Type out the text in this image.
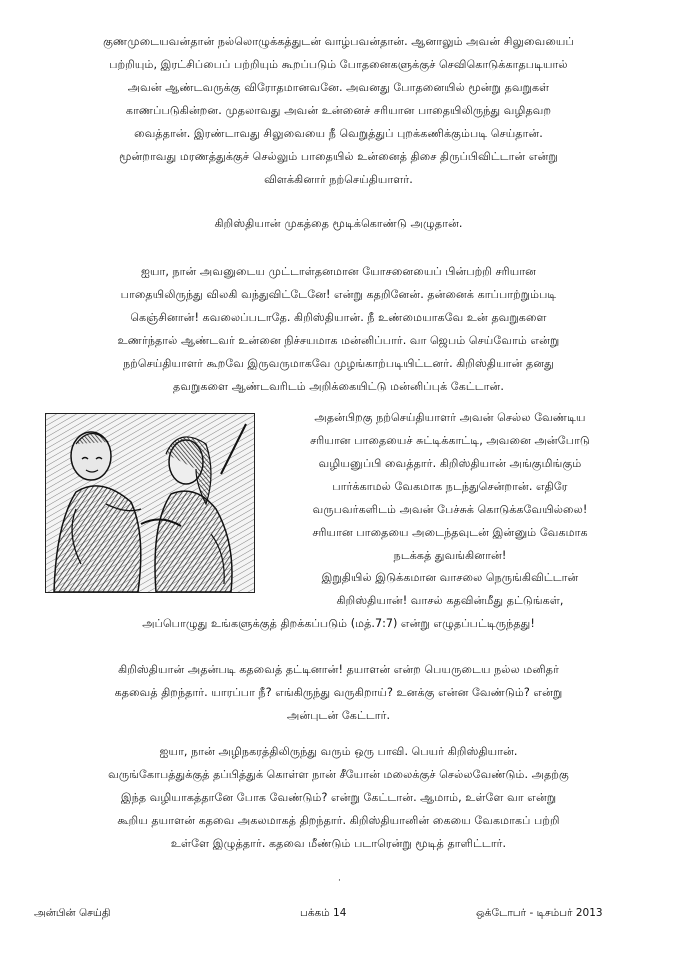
குணமுடையவன்தான் நல்லொழுக்கத்துடன் வாழ்பவன்தான். ஆனாலும் அவன் சிலுவையைப்
பற்றியும், இரட்சிப்பைப் பற்றியும் கூறப்படும் போதனைகளுக்குச் செவிகொடுக்காதபடியால்
அவன் ஆண்டவருக்கு விரோதமானவனே. அவனது போதனையில் மூன்று தவறுகள்
காணப்படுகின்றன. முதலாவது அவன் உன்னைச் சரியான பாதையிலிருந்து வழிதவற
வைத்தான். இரண்டாவது சிலுவையை நீ வெறுத்துப் புறக்கணிக்கும்படி செய்தான்.
மூன்றாவது மரணத்துக்குச் செல்லும் பாதையில் உன்னைத் திசை திருப்பிவிட்டான் என்று
விளக்கினார் நற்செய்தியாளர்.
கிறிஸ்தியான் முகத்தை மூடிக்கொண்டு அழுதான்.
ஐயா, நான் அவனுடைய முட்டாள்தனமான யோசனையைப் பின்பற்றி சரியான
பாதையிலிருந்து விலகி வந்துவிட்டேனே! என்று கதறினேன். தன்னைக் காப்பாற்றும்படி
கெஞ்சினான்! கவலைப்படாதே. கிறிஸ்தியான். நீ உண்மையாகவே உன் தவறுகளை
உணர்ந்தால் ஆண்டவர் உன்னை நிச்சயமாக மன்னிப்பார். வா ஜெபம் செய்வோம் என்று
நற்செய்தியாளர் கூறவே இருவருமாகவே முழங்காற்படியிட்டனர். கிறிஸ்தியான் தனது
தவறுகளை ஆண்டவரிடம் அறிக்கையிட்டு மன்னிப்புக் கேட்டான்.
அதன்பிறகு நற்செய்தியாளர் அவன் செல்ல வேண்டிய
சரியான பாதையைச் சுட்டிக்காட்டி, அவனை அன்போடு
வழியனுப்பி வைத்தார். கிறிஸ்தியான் அங்குமிங்கும்
பார்க்காமல் வேகமாக நடந்துசென்றான். எதிரே
வருபவர்களிடம் அவன் பேச்சுக் கொடுக்கவேயில்லை!
சரியான பாதையை அடைந்தவுடன் இன்னும் வேகமாக
நடக்கத் துவங்கினான்!
இறுதியில் இடுக்கமான வாசலை நெருங்கிவிட்டான்
கிறிஸ்தியான்! வாசல் கதவின்மீது தட்டுங்கள்,
அப்பொழுது உங்களுக்குத் திறக்கப்படும் (மத்.7:7) என்று எழுதப்பட்டிருந்தது!
கிறிஸ்தியான் அதன்படி கதவைத் தட்டினான்! தயாளன் என்ற பெயருடைய நல்ல மனிதர்
கதவைத் திறந்தார். யாரப்பா நீ? எங்கிருந்து வருகிறாய்? உனக்கு என்ன வேண்டும்? என்று
அன்புடன் கேட்டார்.
ஐயா, நான் அழிநகரத்திலிருந்து வரும் ஒரு பாவி. பெயர் கிறிஸ்தியான்.
வருங்கோபத்துக்குத் தப்பித்துக் கொள்ள நான் சீயோன் மலைக்குச் செல்லவேண்டும். அதற்கு
இந்த வழியாகத்தானே போக வேண்டும்? என்று கேட்டான். ஆமாம், உள்ளே வா என்று
கூறிய தயாளன் கதவை அகலமாகத் திறந்தார். கிறிஸ்தியானின் கையை வேகமாகப் பற்றி
உள்ளே இழுத்தார். கதவை மீண்டும் படாரென்று மூடித் தாளிட்டார்.
·
அன்பின் செய்தி	பக்கம் 14	ஒக்டோபர் - டிசம்பர் 2013
